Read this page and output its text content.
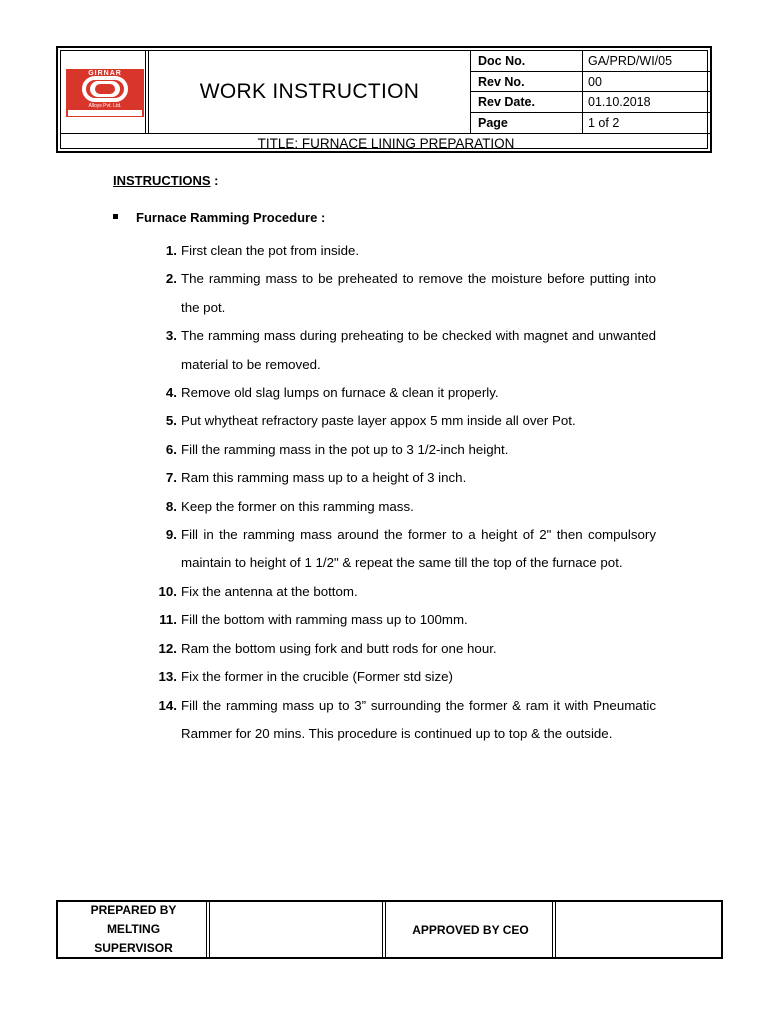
GIRNAR
Alloys Pvt. Ltd.
WORK INSTRUCTION
Doc No.	GA/PRD/WI/05
Rev No.	00
Rev Date.	01.10.2018
Page	1 of 2
TITLE: FURNACE LINING PREPARATION
INSTRUCTIONS :
Furnace Ramming Procedure :
1. First clean the pot from inside.
2. The ramming mass to be preheated to remove the moisture before putting into the pot.
3. The ramming mass during preheating to be checked with magnet and unwanted material to be removed.
4. Remove old slag lumps on furnace & clean it properly.
5. Put whytheat refractory paste layer appox 5 mm inside all over Pot.
6. Fill the ramming mass in the pot up to 3 1/2-inch height.
7. Ram this ramming mass up to a height of 3 inch.
8. Keep the former on this ramming mass.
9. Fill in the ramming mass around the former to a height of 2" then compulsory maintain to height of 1 1/2" & repeat the same till the top of the furnace pot.
10. Fix the antenna at the bottom.
11. Fill the bottom with ramming mass up to 100mm.
12. Ram the bottom using fork and butt rods for one hour.
13. Fix the former in the crucible (Former std size)
14. Fill the ramming mass up to 3” surrounding the former & ram it with Pneumatic Rammer for 20 mins. This procedure is continued up to top & the outside.
PREPARED BY MELTING SUPERVISOR
APPROVED BY CEO
